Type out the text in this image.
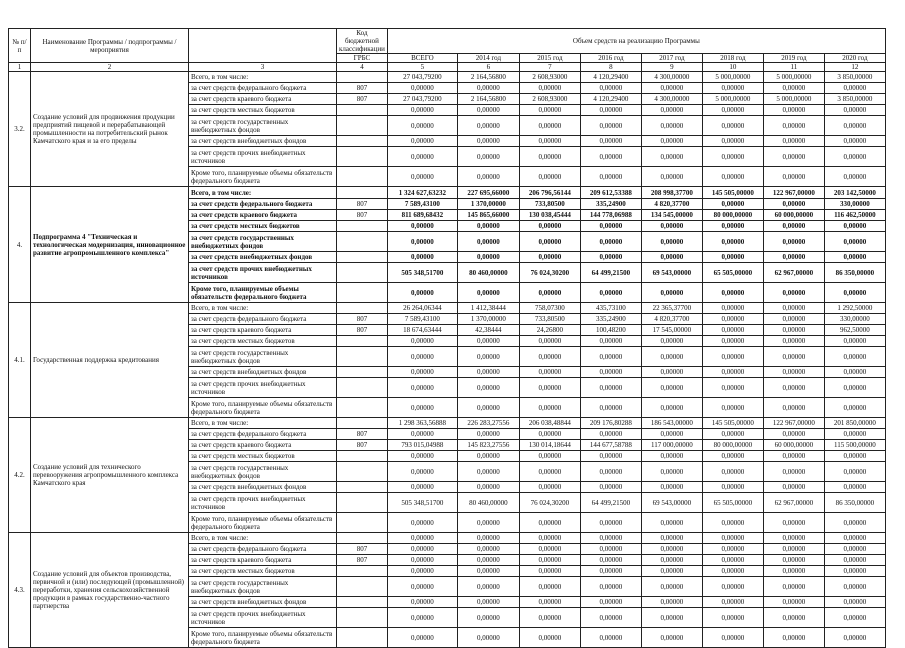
№ п/п	Наименование Программы / подпрограммы / мероприятия		Код бюджетной классификации	Объем средств на реализацию Программы							
			ГРБС	ВСЕГО	2014 год	2015 год	2016 год	2017 год	2018 год	2019 год	2020 год
1	2	3	4	5	6	7	8	9	10	11	12
3.2.	Создание условий для продвижения продукции предприятий пищевой и перерабатывающей промышленности на потребительский рынок Камчатского края и за его пределы	Всего, в том числе:		27 043,79200	2 164,56800	2 608,93000	4 120,29400	4 300,00000	5 000,00000	5 000,00000	3 850,00000
		за счет средств федерального бюджета	807	0,00000	0,00000	0,00000	0,00000	0,00000	0,00000	0,00000	0,00000
		за счет средств краевого бюджета	807	27 043,79200	2 164,56800	2 608,93000	4 120,29400	4 300,00000	5 000,00000	5 000,00000	3 850,00000
		за счет средств местных бюджетов		0,00000	0,00000	0,00000	0,00000	0,00000	0,00000	0,00000	0,00000
		за счет средств государственных внебюджетных фондов		0,00000	0,00000	0,00000	0,00000	0,00000	0,00000	0,00000	0,00000
		за счет средств внебюджетных фондов		0,00000	0,00000	0,00000	0,00000	0,00000	0,00000	0,00000	0,00000
		за счет средств прочих внебюджетных источников		0,00000	0,00000	0,00000	0,00000	0,00000	0,00000	0,00000	0,00000
		Кроме того, планируемые объемы обязательств федерального бюджета		0,00000	0,00000	0,00000	0,00000	0,00000	0,00000	0,00000	0,00000
4.	Подпрограмма 4 "Техническая и технологическая модернизация, инновационное развитие агропромышленного комплекса"	Всего, в том числе:		1 324 627,63232	227 695,66000	206 796,56144	209 612,53388	208 998,37700	145 505,00000	122 967,00000	203 142,50000
		за счет средств федерального бюджета	807	7 589,43100	1 370,00000	733,80500	335,24900	4 820,37700	0,00000	0,00000	330,00000
		за счет средств краевого бюджета	807	811 689,68432	145 865,66000	130 038,45444	144 778,06988	134 545,00000	80 000,00000	60 000,00000	116 462,50000
		за счет средств местных бюджетов		0,00000	0,00000	0,00000	0,00000	0,00000	0,00000	0,00000	0,00000
		за счет средств государственных внебюджетных фондов		0,00000	0,00000	0,00000	0,00000	0,00000	0,00000	0,00000	0,00000
		за счет средств внебюджетных фондов		0,00000	0,00000	0,00000	0,00000	0,00000	0,00000	0,00000	0,00000
		за счет средств прочих внебюджетных источников		505 348,51700	80 460,00000	76 024,30200	64 499,21500	69 543,00000	65 505,00000	62 967,00000	86 350,00000
		Кроме того, планируемые объемы обязательств федерального бюджета		0,00000	0,00000	0,00000	0,00000	0,00000	0,00000	0,00000	0,00000
4.1.	Государственная поддержка кредитования	Всего, в том числе:		26 264,06344	1 412,38444	758,07300	435,73100	22 365,37700	0,00000	0,00000	1 292,50000
		за счет средств федерального бюджета	807	7 589,43100	1 370,00000	733,80500	335,24900	4 820,37700	0,00000	0,00000	330,00000
		за счет средств краевого бюджета	807	18 674,63444	42,38444	24,26800	100,48200	17 545,00000	0,00000	0,00000	962,50000
		за счет средств местных бюджетов		0,00000	0,00000	0,00000	0,00000	0,00000	0,00000	0,00000	0,00000
		за счет средств государственных внебюджетных фондов		0,00000	0,00000	0,00000	0,00000	0,00000	0,00000	0,00000	0,00000
		за счет средств внебюджетных фондов		0,00000	0,00000	0,00000	0,00000	0,00000	0,00000	0,00000	0,00000
		за счет средств прочих внебюджетных источников		0,00000	0,00000	0,00000	0,00000	0,00000	0,00000	0,00000	0,00000
		Кроме того, планируемые объемы обязательств федерального бюджета		0,00000	0,00000	0,00000	0,00000	0,00000	0,00000	0,00000	0,00000
4.2.	Создание условий для технического перевооружения агропромышленного комплекса Камчатского края	Всего, в том числе:		1 298 363,56888	226 283,27556	206 038,48844	209 176,80288	186 543,00000	145 505,00000	122 967,00000	201 850,00000
		за счет средств федерального бюджета	807	0,00000	0,00000	0,00000	0,00000	0,00000	0,00000	0,00000	0,00000
		за счет средств краевого бюджета	807	793 015,04988	145 823,27556	130 014,18644	144 677,58788	117 000,00000	80 000,00000	60 000,00000	115 500,00000
		за счет средств местных бюджетов		0,00000	0,00000	0,00000	0,00000	0,00000	0,00000	0,00000	0,00000
		за счет средств государственных внебюджетных фондов		0,00000	0,00000	0,00000	0,00000	0,00000	0,00000	0,00000	0,00000
		за счет средств внебюджетных фондов		0,00000	0,00000	0,00000	0,00000	0,00000	0,00000	0,00000	0,00000
		за счет средств прочих внебюджетных источников		505 348,51700	80 460,00000	76 024,30200	64 499,21500	69 543,00000	65 505,00000	62 967,00000	86 350,00000
		Кроме того, планируемые объемы обязательств федерального бюджета		0,00000	0,00000	0,00000	0,00000	0,00000	0,00000	0,00000	0,00000
4.3.	Создание условий для объектов производства, первичной и (или) последующей (промышленной) переработки, хранения сельскохозяйственной продукции в рамках государственно-частного партнерства	Всего, в том числе:		0,00000	0,00000	0,00000	0,00000	0,00000	0,00000	0,00000	0,00000
		за счет средств федерального бюджета	807	0,00000	0,00000	0,00000	0,00000	0,00000	0,00000	0,00000	0,00000
		за счет средств краевого бюджета	807	0,00000	0,00000	0,00000	0,00000	0,00000	0,00000	0,00000	0,00000
		за счет средств местных бюджетов		0,00000	0,00000	0,00000	0,00000	0,00000	0,00000	0,00000	0,00000
		за счет средств государственных внебюджетных фондов		0,00000	0,00000	0,00000	0,00000	0,00000	0,00000	0,00000	0,00000
		за счет средств внебюджетных фондов		0,00000	0,00000	0,00000	0,00000	0,00000	0,00000	0,00000	0,00000
		за счет средств прочих внебюджетных источников		0,00000	0,00000	0,00000	0,00000	0,00000	0,00000	0,00000	0,00000
		Кроме того, планируемые объемы обязательств федерального бюджета		0,00000	0,00000	0,00000	0,00000	0,00000	0,00000	0,00000	0,00000
